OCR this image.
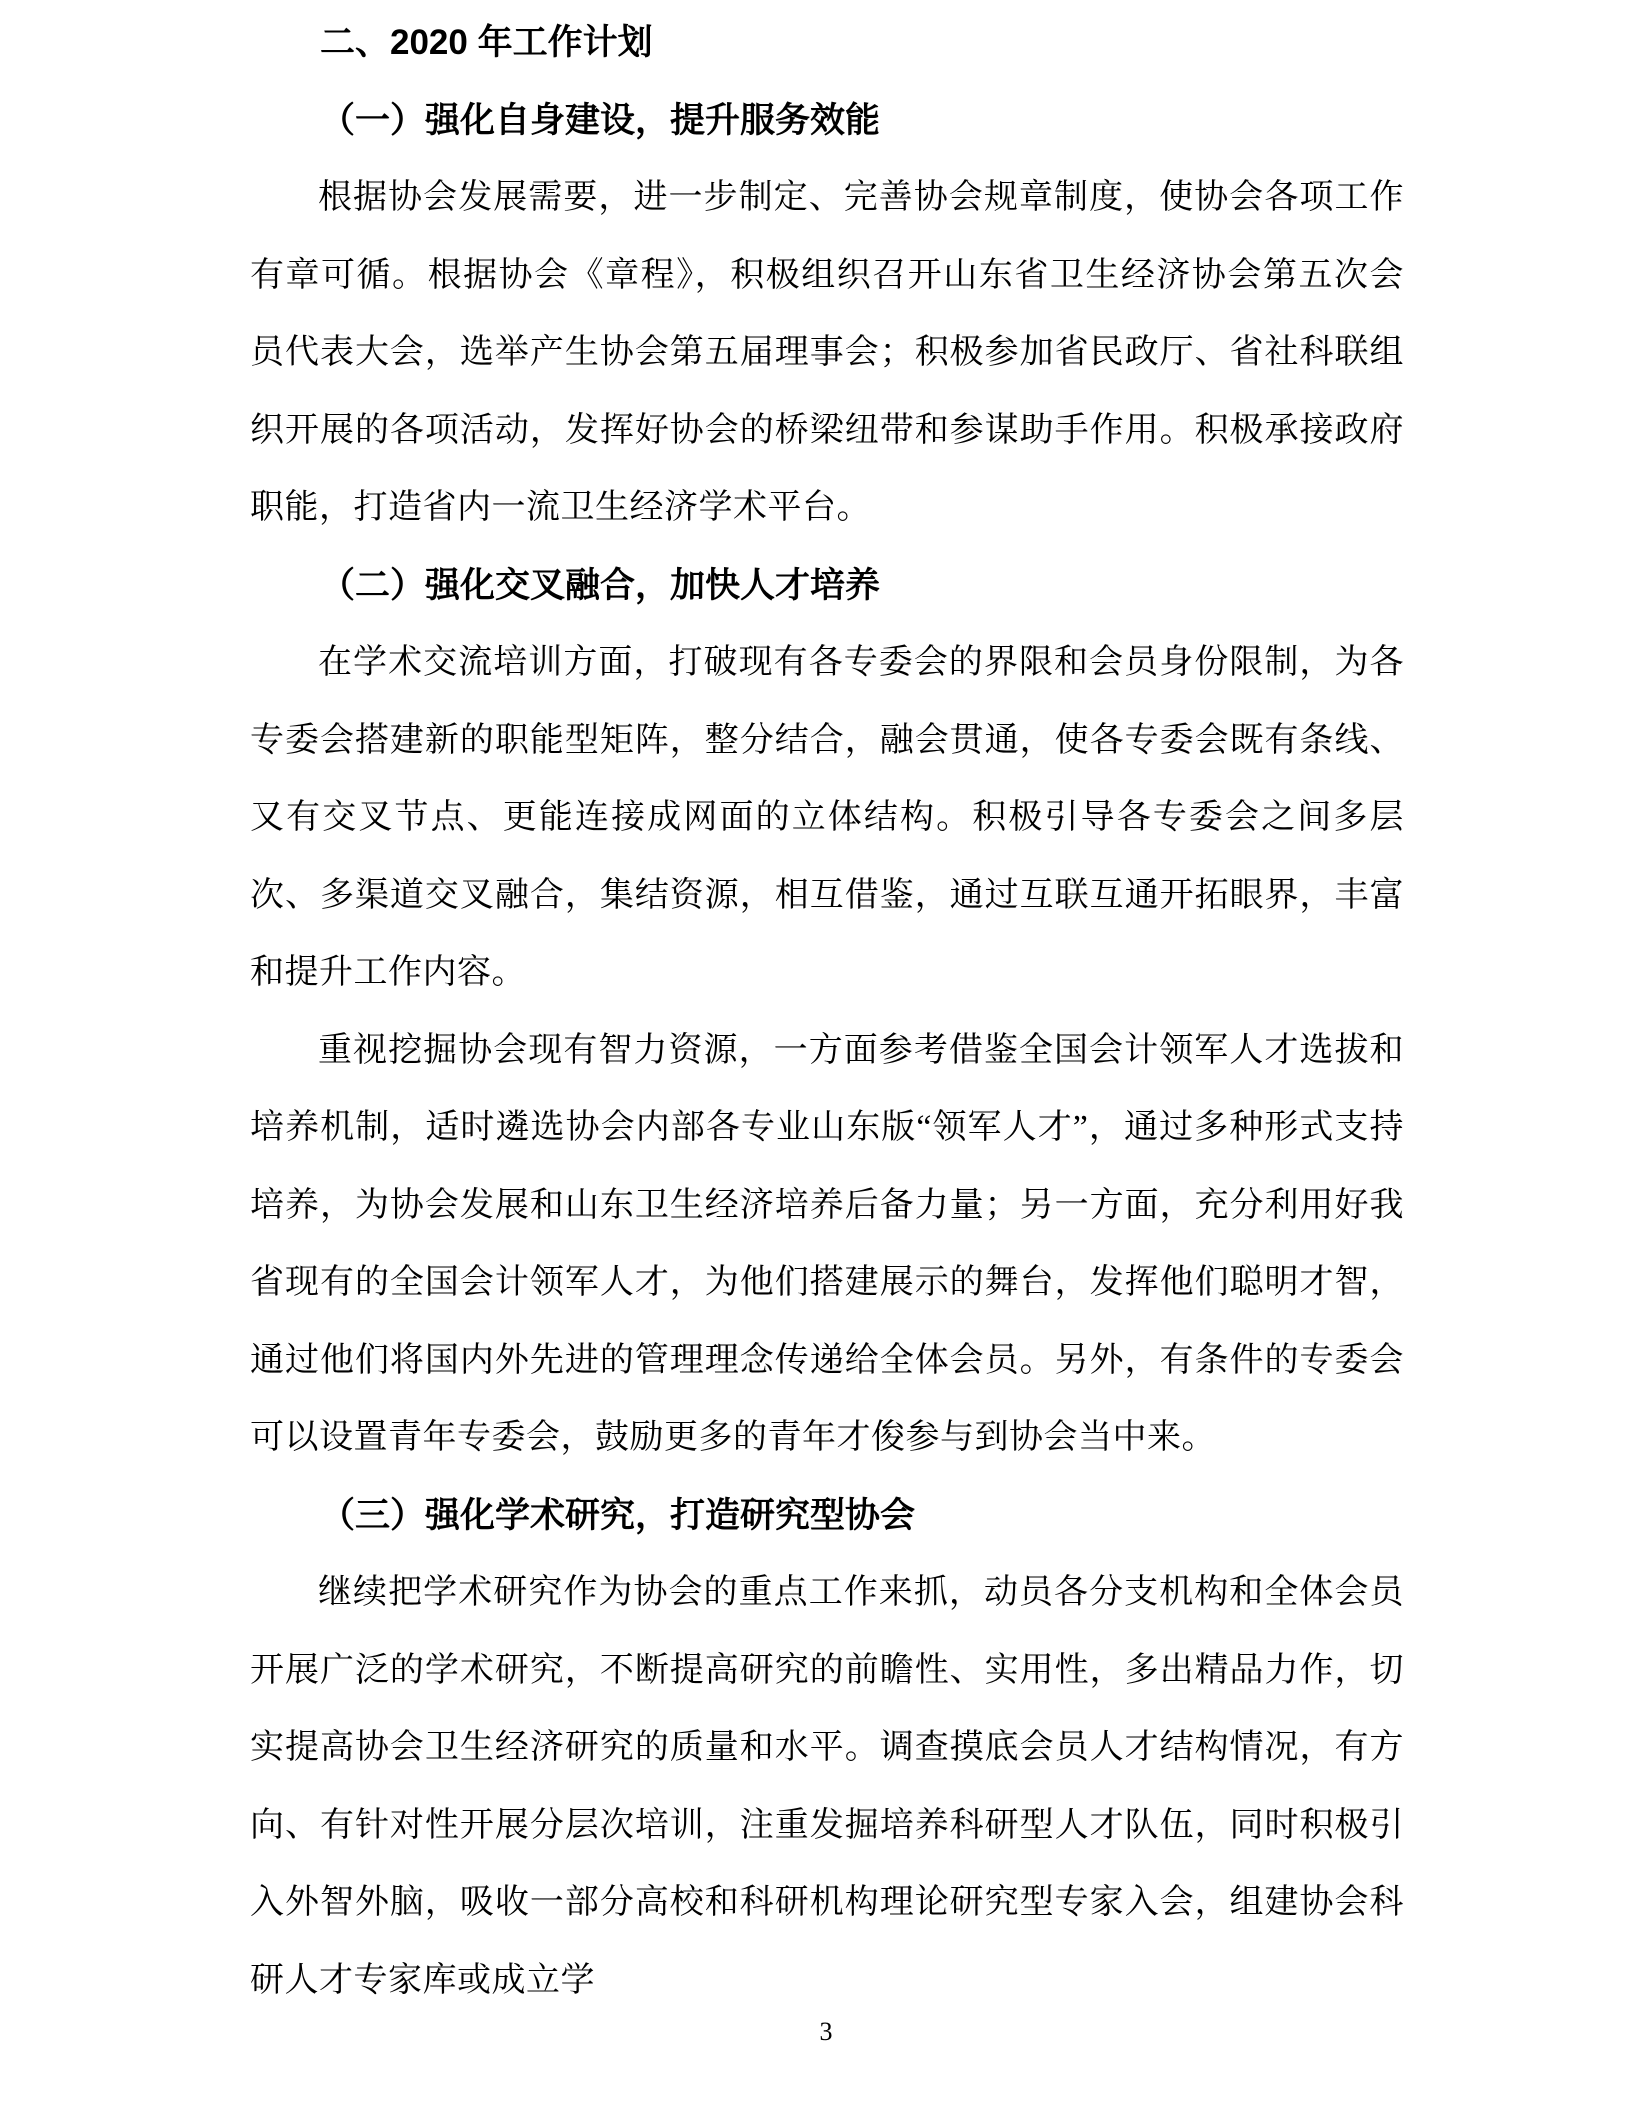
二、2020 年工作计划
（一）强化自身建设，提升服务效能

根据协会发展需要，进一步制定、完善协会规章制度，使协会各项工作有章可循。根据协会《章程》，积极组织召开山东省卫生经济协会第五次会员代表大会，选举产生协会第五届理事会；积极参加省民政厅、省社科联组织开展的各项活动，发挥好协会的桥梁纽带和参谋助手作用。积极承接政府职能，打造省内一流卫生经济学术平台。

（二）强化交叉融合，加快人才培养

在学术交流培训方面，打破现有各专委会的界限和会员身份限制，为各专委会搭建新的职能型矩阵，整分结合，融会贯通，使各专委会既有条线、又有交叉节点、更能连接成网面的立体结构。积极引导各专委会之间多层次、多渠道交叉融合，集结资源，相互借鉴，通过互联互通开拓眼界，丰富和提升工作内容。

重视挖掘协会现有智力资源，一方面参考借鉴全国会计领军人才选拔和培养机制，适时遴选协会内部各专业山东版“领军人才”，通过多种形式支持培养，为协会发展和山东卫生经济培养后备力量；另一方面，充分利用好我省现有的全国会计领军人才，为他们搭建展示的舞台，发挥他们聪明才智，通过他们将国内外先进的管理理念传递给全体会员。另外，有条件的专委会可以设置青年专委会，鼓励更多的青年才俊参与到协会当中来。

（三）强化学术研究，打造研究型协会

继续把学术研究作为协会的重点工作来抓，动员各分支机构和全体会员开展广泛的学术研究，不断提高研究的前瞻性、实用性，多出精品力作，切实提高协会卫生经济研究的质量和水平。调查摸底会员人才结构情况，有方向、有针对性开展分层次培训，注重发掘培养科研型人才队伍，同时积极引入外智外脑，吸收一部分高校和科研机构理论研究型专家入会，组建协会科研人才专家库或成立学

3
